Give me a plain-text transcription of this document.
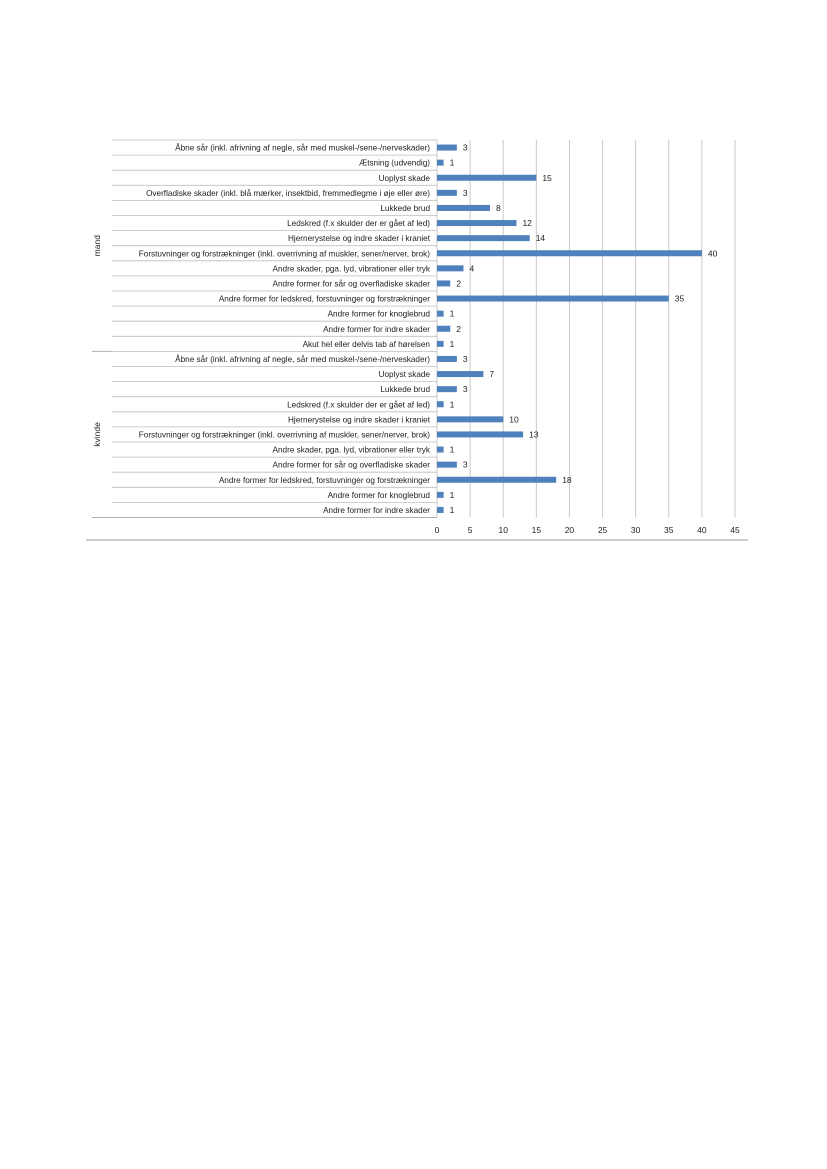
Åbne sår (inkl. afrivning af negle, sår med muskel-/sene-/nerveskader)
Ætsning (udvendig)
Uoplyst skade
Overfladiske skader (inkl. blå mærker, insektbid, fremmedlegme i øje eller øre)
Lukkede brud
Ledskred (f.x skulder der er gået af led)
Hjernerystelse og indre skader i kraniet
Forstuvninger og forstrækninger (inkl. overrivning af muskler, sener/nerver, brok)
Andre skader, pga. lyd, vibrationer eller tryk
Andre former for sår og overfladiske skader
Andre former for ledskred, forstuvninger og forstrækninger
Andre former for knoglebrud
Andre former for indre skader
Akut hel eller delvis tab af hørelsen
Åbne sår (inkl. afrivning af negle, sår med muskel-/sene-/nerveskader)
Uoplyst skade
Lukkede brud
Ledskred (f.x skulder der er gået af led)
Hjernerystelse og indre skader i kraniet
Forstuvninger og forstrækninger (inkl. overrivning af muskler, sener/nerver, brok)
Andre skader, pga. lyd, vibrationer eller tryk
Andre former for sår og overfladiske skader
Andre former for ledskred, forstuvninger og forstrækninger
Andre former for knoglebrud
Andre former for indre skader
3
1
15
3
8
12
14
40
4
2
35
1
2
1
3
7
3
1
10
13
1
3
18
1
1
0	5	10	15	20	25	30	35	40	45
mand
kvinde
